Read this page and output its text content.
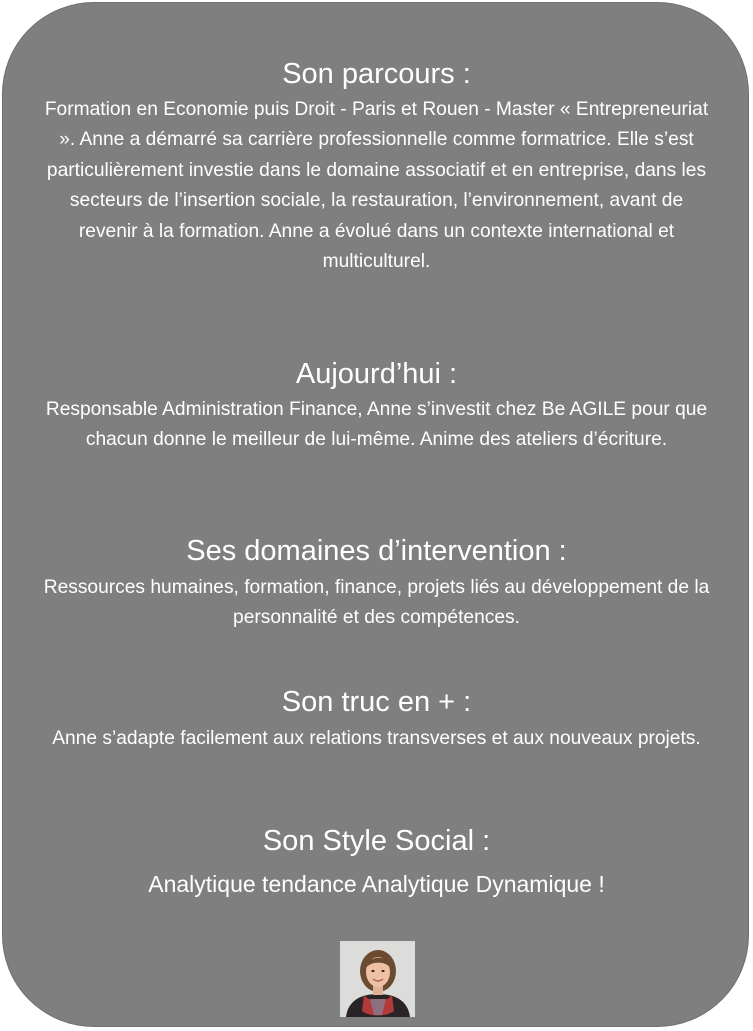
Son parcours :

Formation en Economie puis Droit - Paris et Rouen - Master « Entrepreneuriat ». Anne a démarré sa carrière professionnelle comme formatrice. Elle s’est particulièrement investie dans le domaine associatif et en entreprise, dans les secteurs de l’insertion sociale, la restauration, l’environnement, avant de revenir à la formation. Anne a évolué dans un contexte international et multiculturel.

Aujourd’hui :

Responsable Administration Finance, Anne s’investit chez Be AGILE pour que chacun donne le meilleur de lui-même. Anime des ateliers d’écriture.

Ses domaines d’intervention :

Ressources humaines, formation, finance, projets liés au développement de la personnalité et des compétences.

Son truc en + :

Anne s’adapte facilement aux relations transverses et aux nouveaux projets.

Son Style Social :

Analytique tendance Analytique Dynamique !
